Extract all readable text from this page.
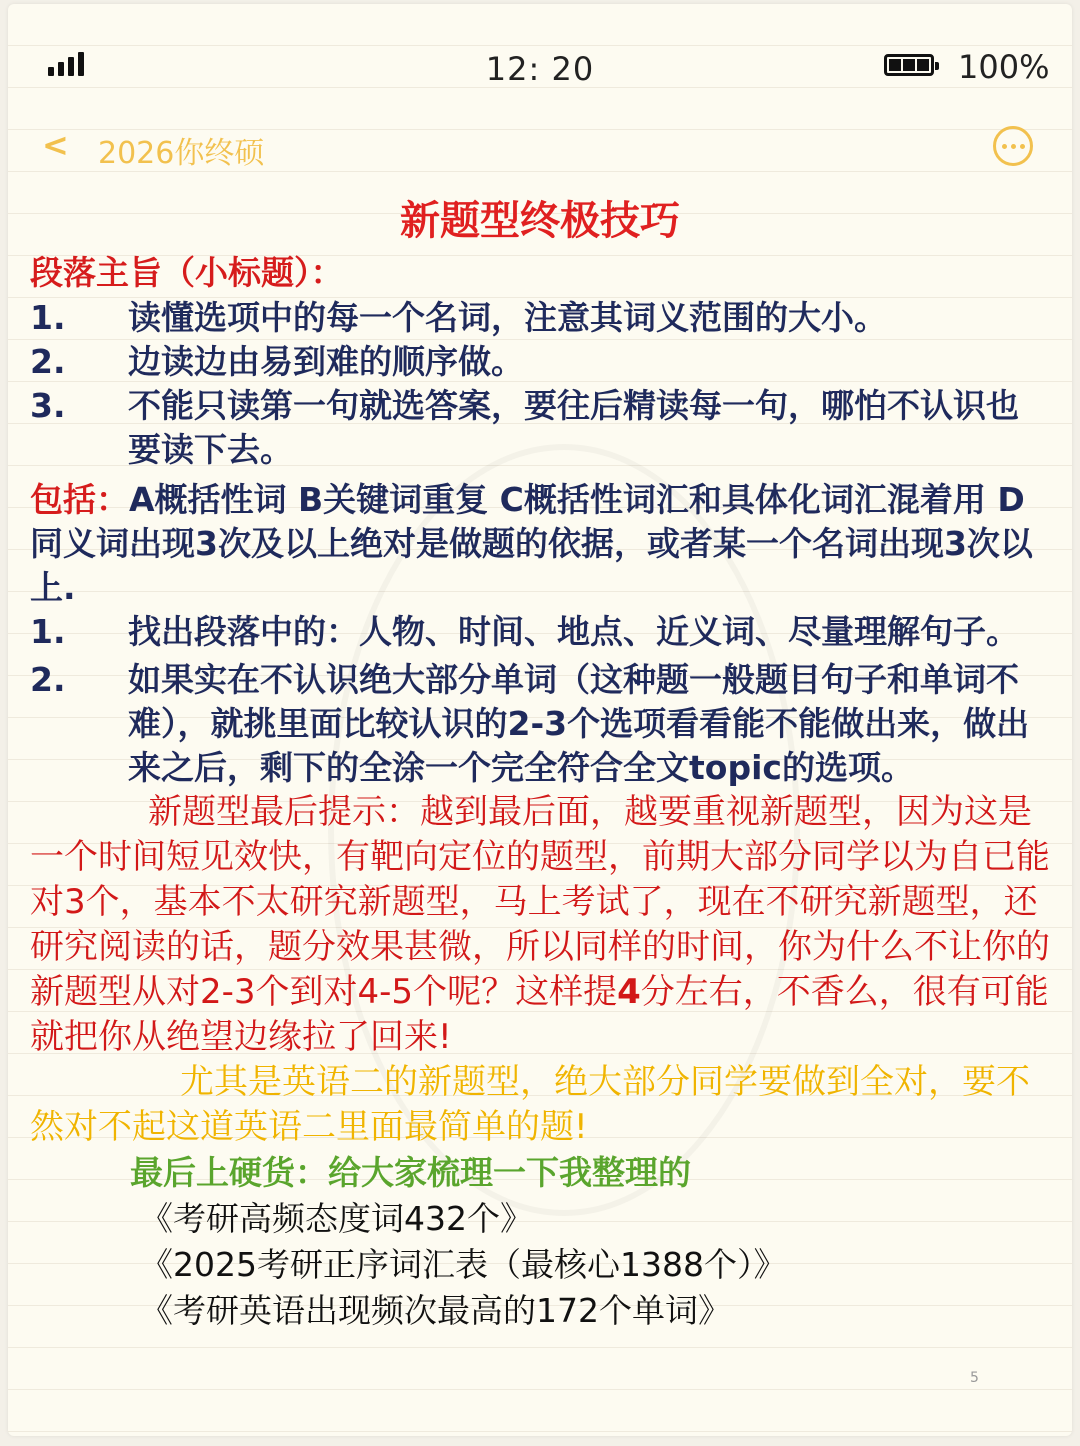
12: 20	100%
< 2026你终硕
新题型终极技巧
段落主旨（小标题）：
1.	读懂选项中的每一个名词，注意其词义范围的大小。
2.	边读边由易到难的顺序做。
3.	不能只读第一句就选答案，要往后精读每一句，哪怕不认识也要读下去。

包括：A概括性词 B关键词重复 C概括性词汇和具体化词汇混着用 D同义词出现3次及以上绝对是做题的依据，或者某一个名词出现3次以上.

1.	找出段落中的：人物、时间、地点、近义词、尽量理解句子。
2.	如果实在不认识绝大部分单词（这种题一般题目句子和单词不难），就挑里面比较认识的2-3个选项看看能不能做出来，做出来之后，剩下的全涂一个完全符合全文topic的选项。

新题型最后提示：越到最后面，越要重视新题型，因为这是一个时间短见效快，有靶向定位的题型，前期大部分同学以为自已能对3个，基本不太研究新题型，马上考试了，现在不研究新题型，还研究阅读的话，题分效果甚微，所以同样的时间，你为什么不让你的新题型从对2-3个到对4-5个呢？这样提4分左右，不香么，很有可能就把你从绝望边缘拉了回来!

尤其是英语二的新题型，绝大部分同学要做到全对，要不然对不起这道英语二里面最简单的题!

最后上硬货：给大家梳理一下我整理的
《考研高频态度词432个》
《2025考研正序词汇表（最核心1388个）》
《考研英语出现频次最高的172个单词》
5
